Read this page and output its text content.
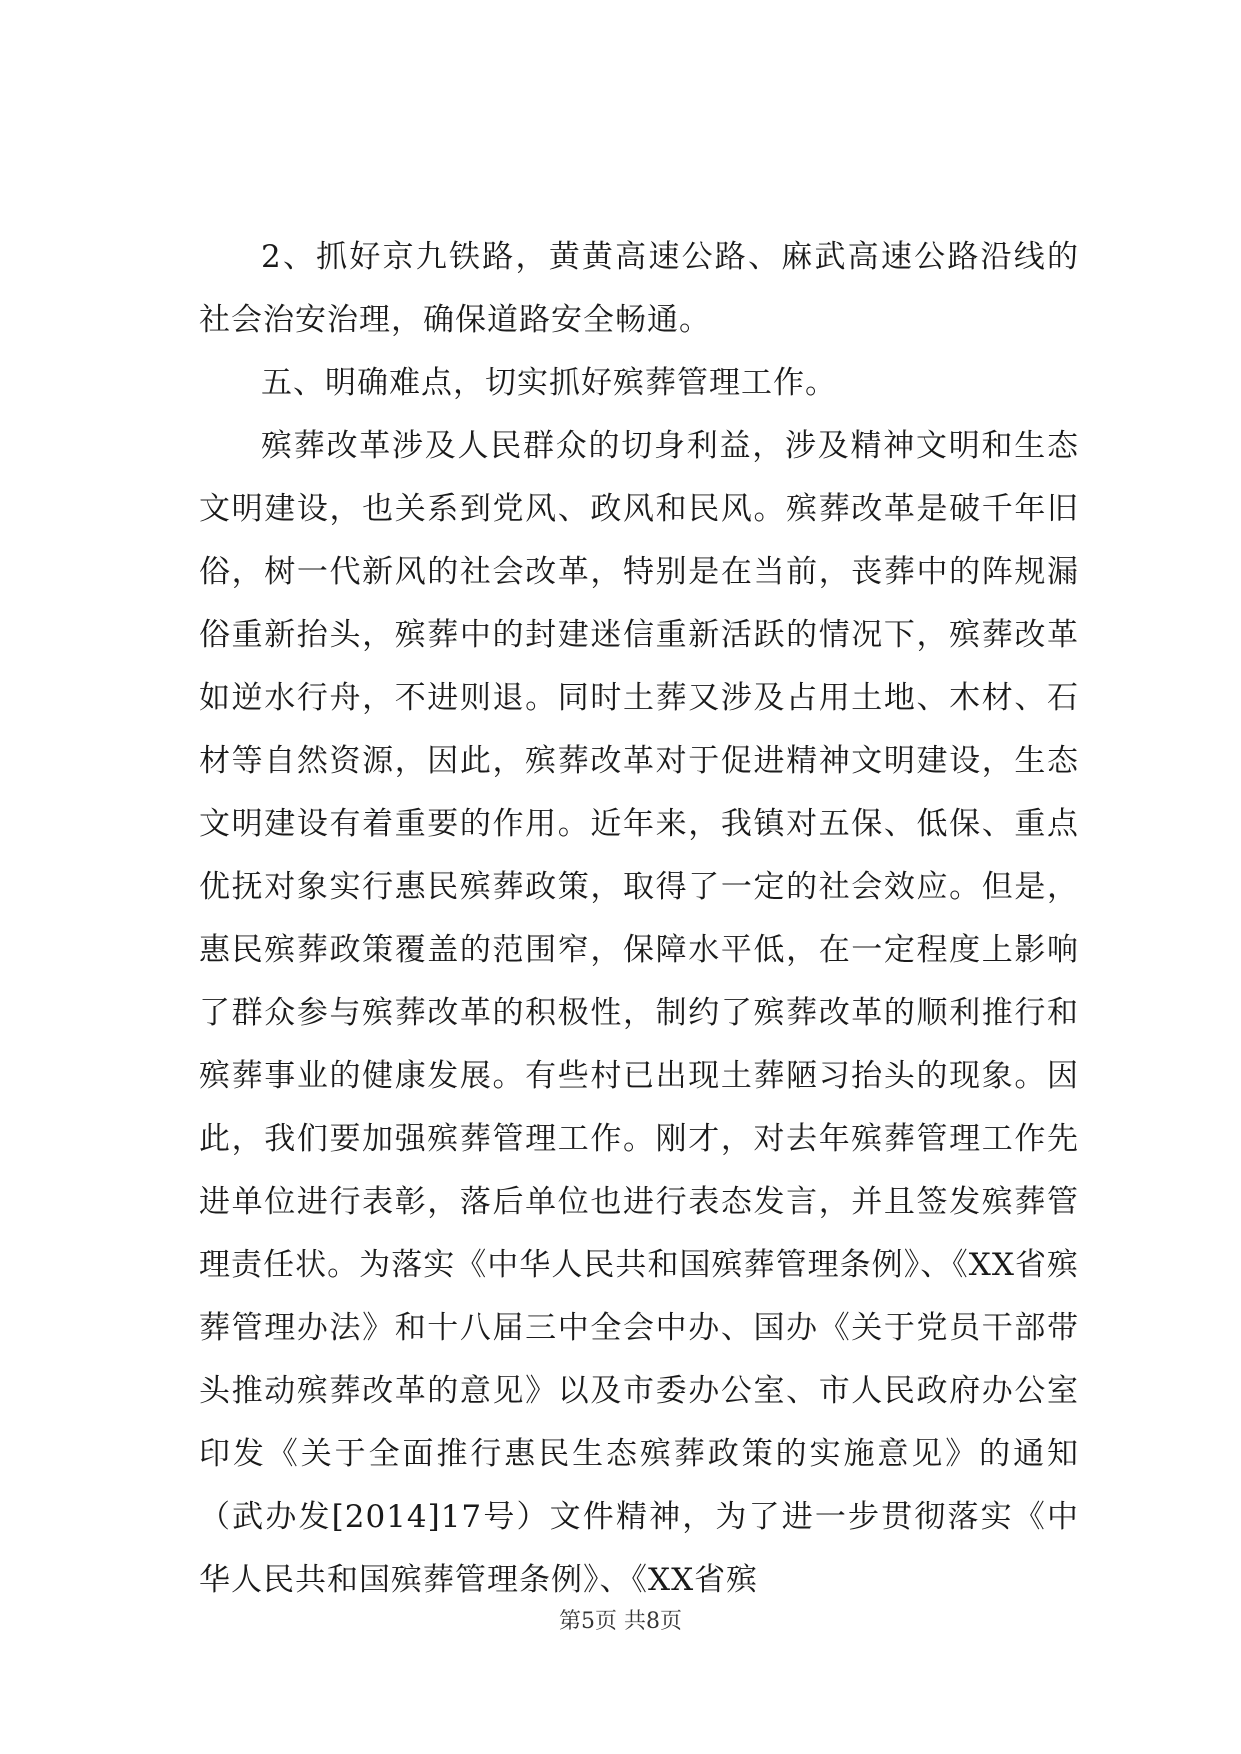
2、抓好京九铁路，黄黄高速公路、麻武高速公路沿线的社会治安治理，确保道路安全畅通。

五、明确难点，切实抓好殡葬管理工作。

殡葬改革涉及人民群众的切身利益，涉及精神文明和生态文明建设，也关系到党风、政风和民风。殡葬改革是破千年旧俗，树一代新风的社会改革，特别是在当前，丧葬中的阵规漏俗重新抬头，殡葬中的封建迷信重新活跃的情况下，殡葬改革如逆水行舟，不进则退。同时土葬又涉及占用土地、木材、石材等自然资源，因此，殡葬改革对于促进精神文明建设，生态文明建设有着重要的作用。近年来，我镇对五保、低保、重点优抚对象实行惠民殡葬政策，取得了一定的社会效应。但是，惠民殡葬政策覆盖的范围窄，保障水平低，在一定程度上影响了群众参与殡葬改革的积极性，制约了殡葬改革的顺利推行和殡葬事业的健康发展。有些村已出现土葬陋习抬头的现象。因此，我们要加强殡葬管理工作。刚才，对去年殡葬管理工作先进单位进行表彰，落后单位也进行表态发言，并且签发殡葬管理责任状。为落实《中华人民共和国殡葬管理条例》、《XX省殡葬管理办法》和十八届三中全会中办、国办《关于党员干部带头推动殡葬改革的意见》以及市委办公室、市人民政府办公室印发《关于全面推行惠民生态殡葬政策的实施意见》的通知（武办发[2014]17号）文件精神，为了进一步贯彻落实《中华人民共和国殡葬管理条例》、《XX省殡

第5页 共8页
